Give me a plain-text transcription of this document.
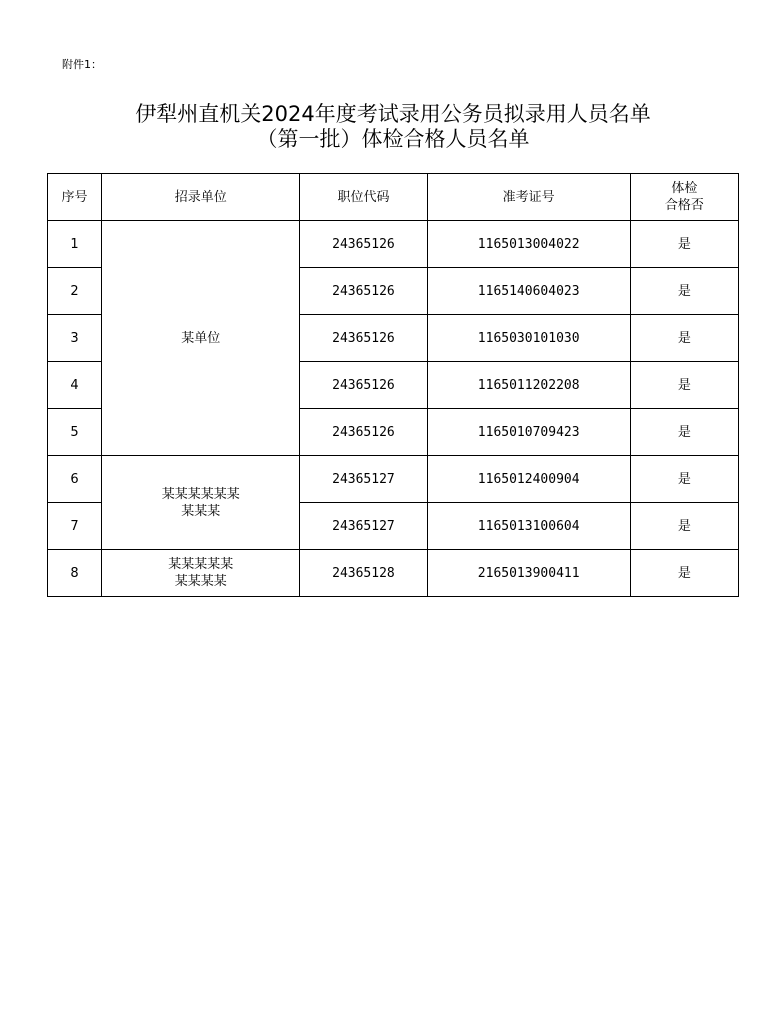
附件1：
伊犁州直机关2024年度考试录用公务员拟录用人员名单
（第一批）体检合格人员名单
序号	招录单位	职位代码	准考证号	体检
合格否

1	某单位	24365126	1165013004022	是
2		24365126	1165140604023	是
3		24365126	1165030101030	是
4		24365126	1165011202208	是
5		24365126	1165010709423	是
6	某某某某某某
某某某	24365127	1165012400904	是
7		24365127	1165013100604	是
8	某某某某某
某某某某	24365128	2165013900411	是
